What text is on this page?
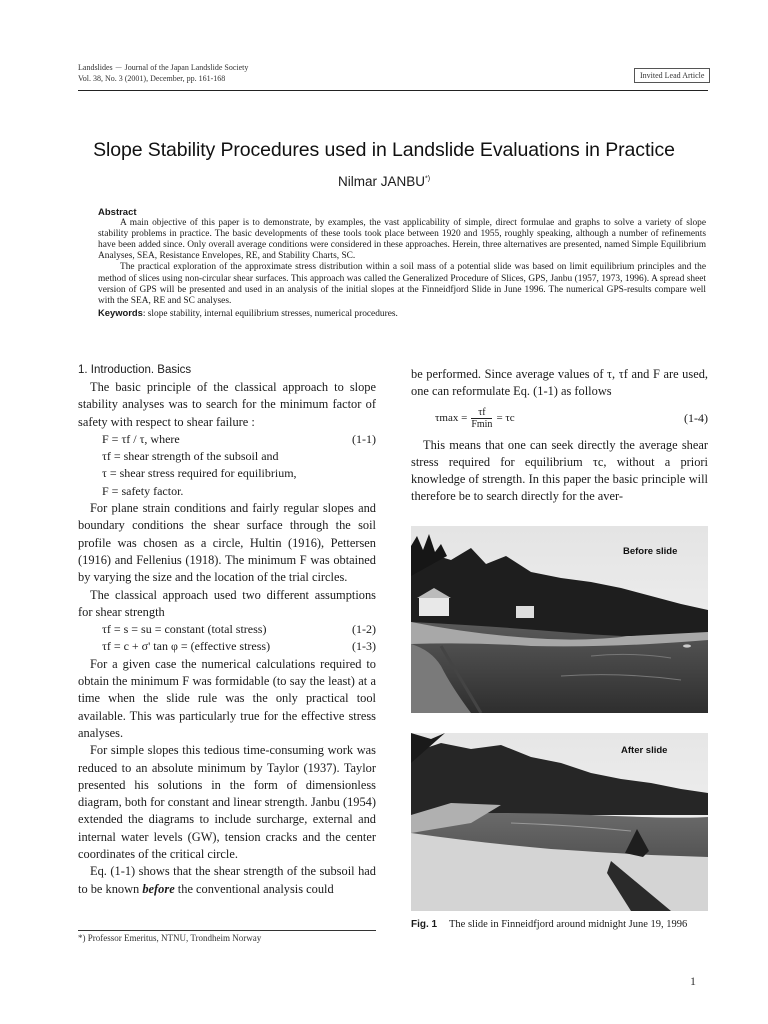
Landslides － Journal of the Japan Landslide Society
Vol. 38, No. 3 (2001), December, pp. 161-168	Invited Lead Article
Slope Stability Procedures used in Landslide Evaluations in Practice
Nilmar JANBU*)
Abstract

A main objective of this paper is to demonstrate, by examples, the vast applicability of simple, direct formulae and graphs to solve a variety of slope stability problems in practice. The basic developments of these tools took place between 1920 and 1955, roughly speaking, although a number of refinements have been added since. Only overall average conditions were considered in these approaches. Herein, three alternatives are presented, named Simple Equilibrium Analyses, SEA, Resistance Envelopes, RE, and Stability Charts, SC.

The practical exploration of the approximate stress distribution within a soil mass of a potential slide was based on limit equilibrium principles and the method of slices using non-circular shear surfaces. This approach was called the Generalized Procedure of Slices, GPS, Janbu (1957, 1973, 1996). A spread sheet version of GPS will be presented and used in an analysis of the initial slopes at the Finneidfjord Slide in June 1996. The numerical GPS-results compare well with the SEA, RE and SC analyses.

Keywords: slope stability, internal equilibrium stresses, numerical procedures.
1. Introduction. Basics

The basic principle of the classical approach to slope stability analyses was to search for the minimum factor of safety with respect to shear failure :

F = τf / τ, where	(1-1)
τf = shear strength of the subsoil and
τ = shear stress required for equilibrium,
F = safety factor.

For plane strain conditions and fairly regular slopes and boundary conditions the shear surface through the soil profile was chosen as a circle, Hultin (1916), Pettersen (1916) and Fellenius (1918). The minimum F was obtained by varying the size and the location of the trial circles.

The classical approach used two different assumptions for shear strength

τf = s = su = constant (total stress)	(1-2)
τf = c + σ' tan φ = (effective stress)	(1-3)

For a given case the numerical calculations required to obtain the minimum F was formidable (to say the least) at a time when the slide rule was the only practical tool available. This was particularly true for the effective stress analyses.

For simple slopes this tedious time-consuming work was reduced to an absolute minimum by Taylor (1937). Taylor presented his solutions in the form of dimensionless diagram, both for constant and linear strength. Janbu (1954) extended the diagrams to include surcharge, external and internal water levels (GW), tension cracks and the center coordinates of the critical circle.

Eq. (1-1) shows that the shear strength of the subsoil had to be known before the conventional analysis could

*) Professor Emeritus, NTNU, Trondheim Norway

be performed. Since average values of τ, τf and F are used, one can reformulate Eq. (1-1) as follows

$\tau\max = \frac{\tau f}{Fmin} = \tau c$	(1-4)

This means that one can seek directly the average shear stress required for equilibrium τc, without a priori knowledge of strength. In this paper the basic principle will therefore be to search directly for the aver-

Before slide
After slide
Fig. 1	The slide in Finneidfjord around midnight June 19, 1996
1
